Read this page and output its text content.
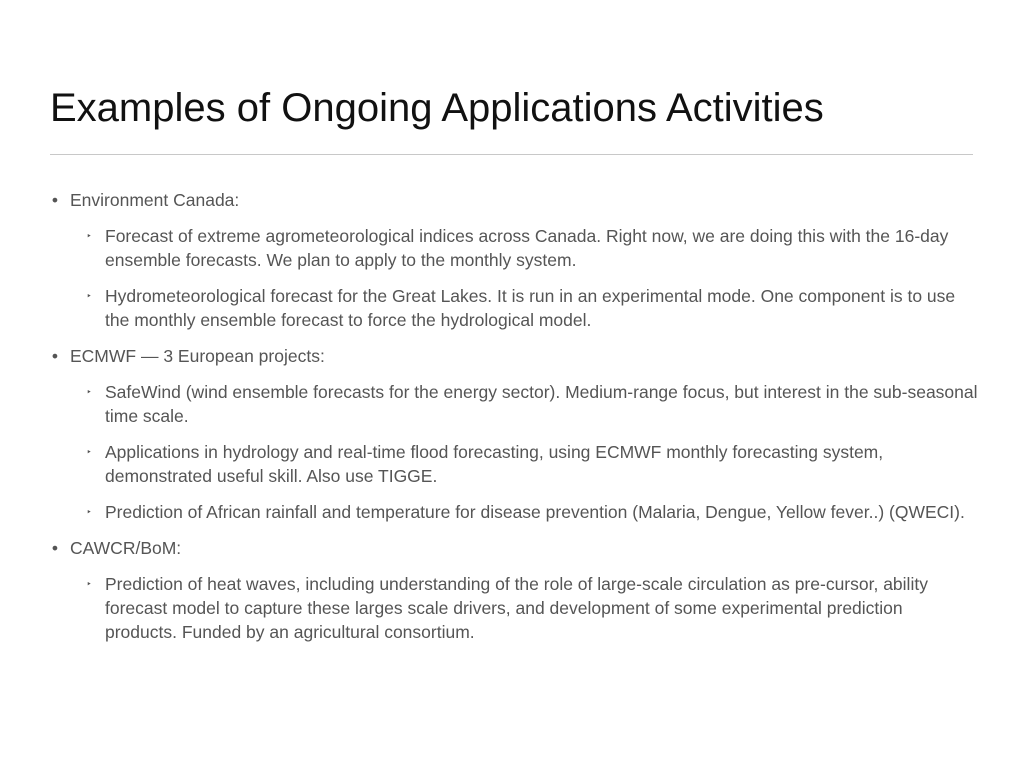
Examples of Ongoing Applications Activities
• Environment Canada:
‣ Forecast of extreme agrometeorological indices across Canada. Right now, we are doing this with the 16-day ensemble forecasts. We plan to apply to the monthly system.
‣ Hydrometeorological forecast for the Great Lakes. It is run in an experimental mode. One component is to use the monthly ensemble forecast to force the hydrological model.
• ECMWF — 3 European projects:
‣ SafeWind (wind ensemble forecasts for the energy sector). Medium-range focus, but interest in the sub-seasonal time scale.
‣ Applications in hydrology and real-time flood forecasting, using ECMWF monthly forecasting system, demonstrated useful skill. Also use TIGGE.
‣ Prediction of African rainfall and temperature for disease prevention (Malaria, Dengue, Yellow fever..) (QWECI).
• CAWCR/BoM:
‣ Prediction of heat waves, including understanding of the role of large-scale circulation as pre-cursor, ability forecast model to capture these larges scale drivers, and development of some experimental prediction products. Funded by an agricultural consortium.
